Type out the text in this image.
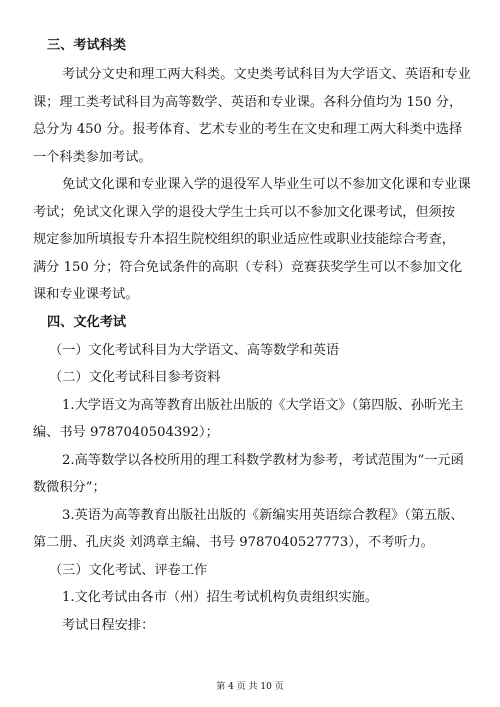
三、考试科类
考试分文史和理工两大科类。文史类考试科目为大学语文、英语和专业
课；理工类考试科目为高等数学、英语和专业课。各科分值均为 150 分，
总分为 450 分。报考体育、艺术专业的考生在文史和理工两大科类中选择
一个科类参加考试。
免试文化课和专业课入学的退役军人毕业生可以不参加文化课和专业课
考试；免试文化课入学的退役大学生士兵可以不参加文化课考试，但须按
规定参加所填报专升本招生院校组织的职业适应性或职业技能综合考查，
满分 150 分；符合免试条件的高职（专科）竞赛获奖学生可以不参加文化
课和专业课考试。
四、文化考试
（一）文化考试科目为大学语文、高等数学和英语
（二）文化考试科目参考资料
1.大学语文为高等教育出版社出版的《大学语文》（第四版、孙昕光主
编、书号 9787040504392）；
2.高等数学以各校所用的理工科数学教材为参考，考试范围为“一元函
数微积分”；
3.英语为高等教育出版社出版的《新编实用英语综合教程》（第五版、
第二册、孔庆炎 刘鸿章主编、书号 9787040527773），不考听力。
（三）文化考试、评卷工作
1.文化考试由各市（州）招生考试机构负责组织实施。
考试日程安排：
第 4 页 共 10 页
